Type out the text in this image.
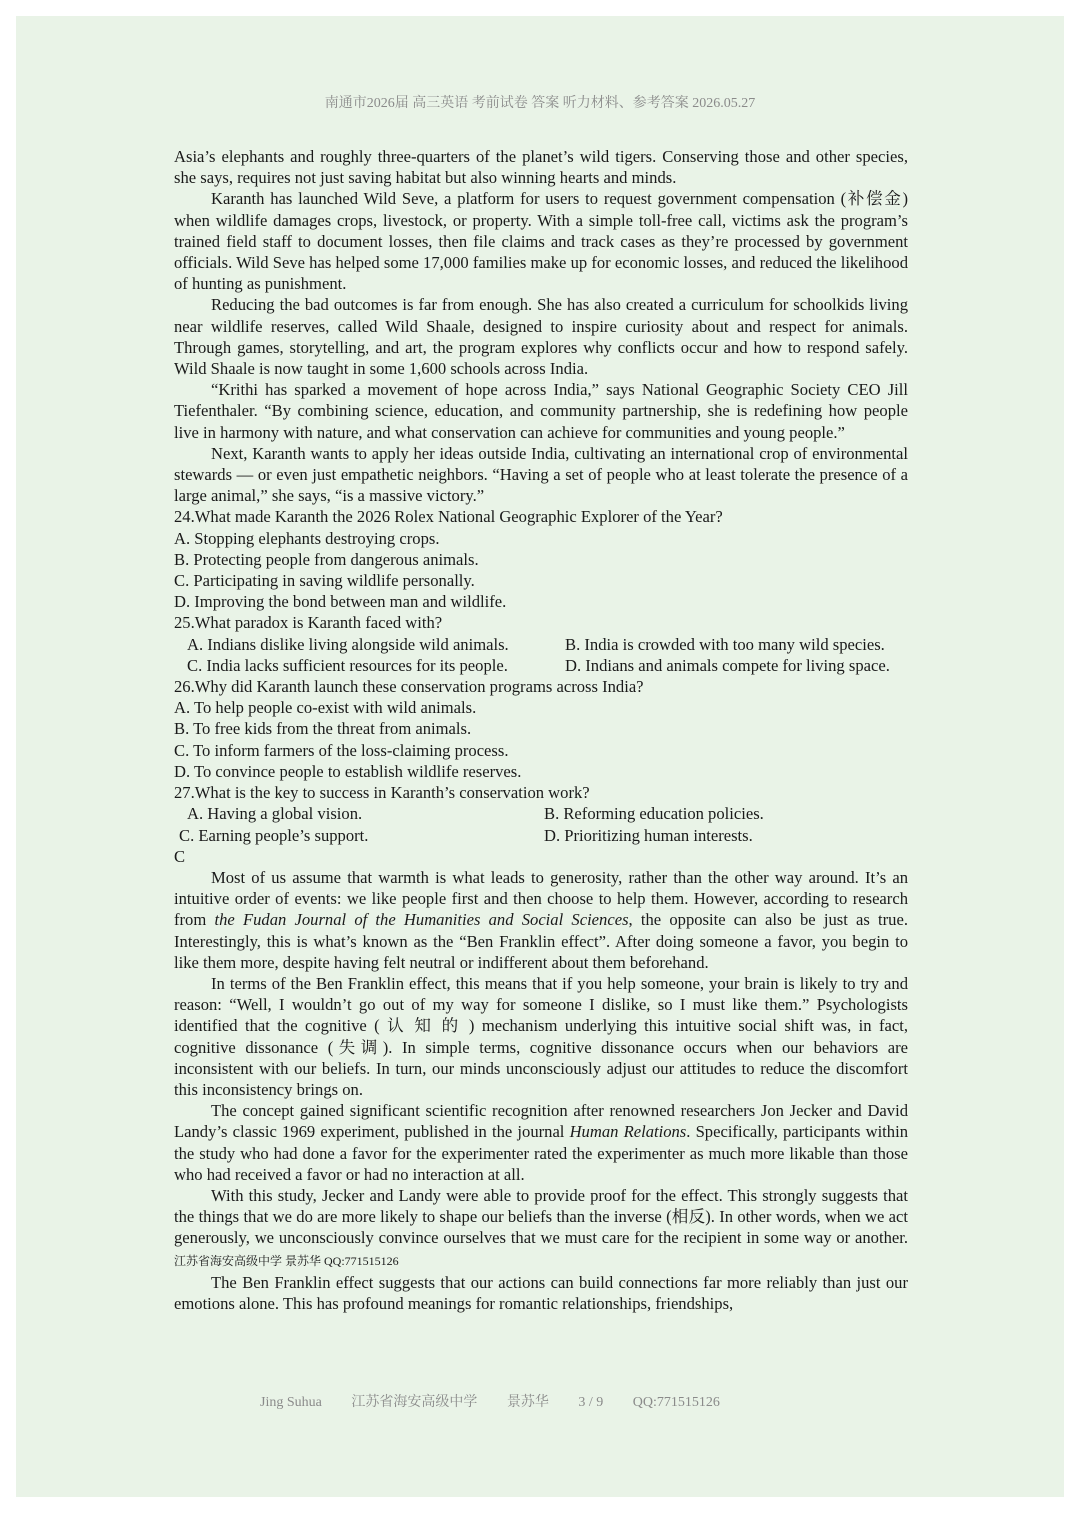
南通市2026届 高三英语 考前试卷 答案 听力材料、参考答案 2026.05.27

Asia’s elephants and roughly three-quarters of the planet’s wild tigers. Conserving those and other species, she says, requires not just saving habitat but also winning hearts and minds.

Karanth has launched Wild Seve, a platform for users to request government compensation (补偿金) when wildlife damages crops, livestock, or property. With a simple toll-free call, victims ask the program’s trained field staff to document losses, then file claims and track cases as they’re processed by government officials. Wild Seve has helped some 17,000 families make up for economic losses, and reduced the likelihood of hunting as punishment.

Reducing the bad outcomes is far from enough. She has also created a curriculum for schoolkids living near wildlife reserves, called Wild Shaale, designed to inspire curiosity about and respect for animals. Through games, storytelling, and art, the program explores why conflicts occur and how to respond safely. Wild Shaale is now taught in some 1,600 schools across India.

“Krithi has sparked a movement of hope across India,” says National Geographic Society CEO Jill Tiefenthaler. “By combining science, education, and community partnership, she is redefining how people live in harmony with nature, and what conservation can achieve for communities and young people.”

Next, Karanth wants to apply her ideas outside India, cultivating an international crop of environmental stewards — or even just empathetic neighbors. “Having a set of people who at least tolerate the presence of a large animal,” she says, “is a massive victory.”

24.What made Karanth the 2026 Rolex National Geographic Explorer of the Year?

A. Stopping elephants destroying crops.

B. Protecting people from dangerous animals.

C. Participating in saving wildlife personally.

D. Improving the bond between man and wildlife.

25.What paradox is Karanth faced with?

A. Indians dislike living alongside wild animals.	B. India is crowded with too many wild species.
C. India lacks sufficient resources for its people.	D. Indians and animals compete for living space.

26.Why did Karanth launch these conservation programs across India?

A. To help people co-exist with wild animals.

B. To free kids from the threat from animals.

C. To inform farmers of the loss-claiming process.

D. To convince people to establish wildlife reserves.

27.What is the key to success in Karanth’s conservation work?

A. Having a global vision.	B. Reforming education policies.
C. Earning people’s support.	D. Prioritizing human interests.

C

Most of us assume that warmth is what leads to generosity, rather than the other way around. It’s an intuitive order of events: we like people first and then choose to help them. However, according to research from the Fudan Journal of the Humanities and Social Sciences, the opposite can also be just as true. Interestingly, this is what’s known as the “Ben Franklin effect”. After doing someone a favor, you begin to like them more, despite having felt neutral or indifferent about them beforehand.

In terms of the Ben Franklin effect, this means that if you help someone, your brain is likely to try and reason: “Well, I wouldn’t go out of my way for someone I dislike, so I must like them.” Psychologists identified that the cognitive ( 认 知 的 ) mechanism underlying this intuitive social shift was, in fact, cognitive dissonance (失调). In simple terms, cognitive dissonance occurs when our behaviors are inconsistent with our beliefs. In turn, our minds unconsciously adjust our attitudes to reduce the discomfort this inconsistency brings on.

The concept gained significant scientific recognition after renowned researchers Jon Jecker and David Landy’s classic 1969 experiment, published in the journal Human Relations. Specifically, participants within the study who had done a favor for the experimenter rated the experimenter as much more likable than those who had received a favor or had no interaction at all.

With this study, Jecker and Landy were able to provide proof for the effect. This strongly suggests that the things that we do are more likely to shape our beliefs than the inverse (相反). In other words, when we act generously, we unconsciously convince ourselves that we must care for the recipient in some way or another. 江苏省海安高级中学 景苏华 QQ:771515126

The Ben Franklin effect suggests that our actions can build connections far more reliably than just our emotions alone. This has profound meanings for romantic relationships, friendships,

Jing Suhua 江苏省海安高级中学 景苏华 3 / 9 QQ:771515126
